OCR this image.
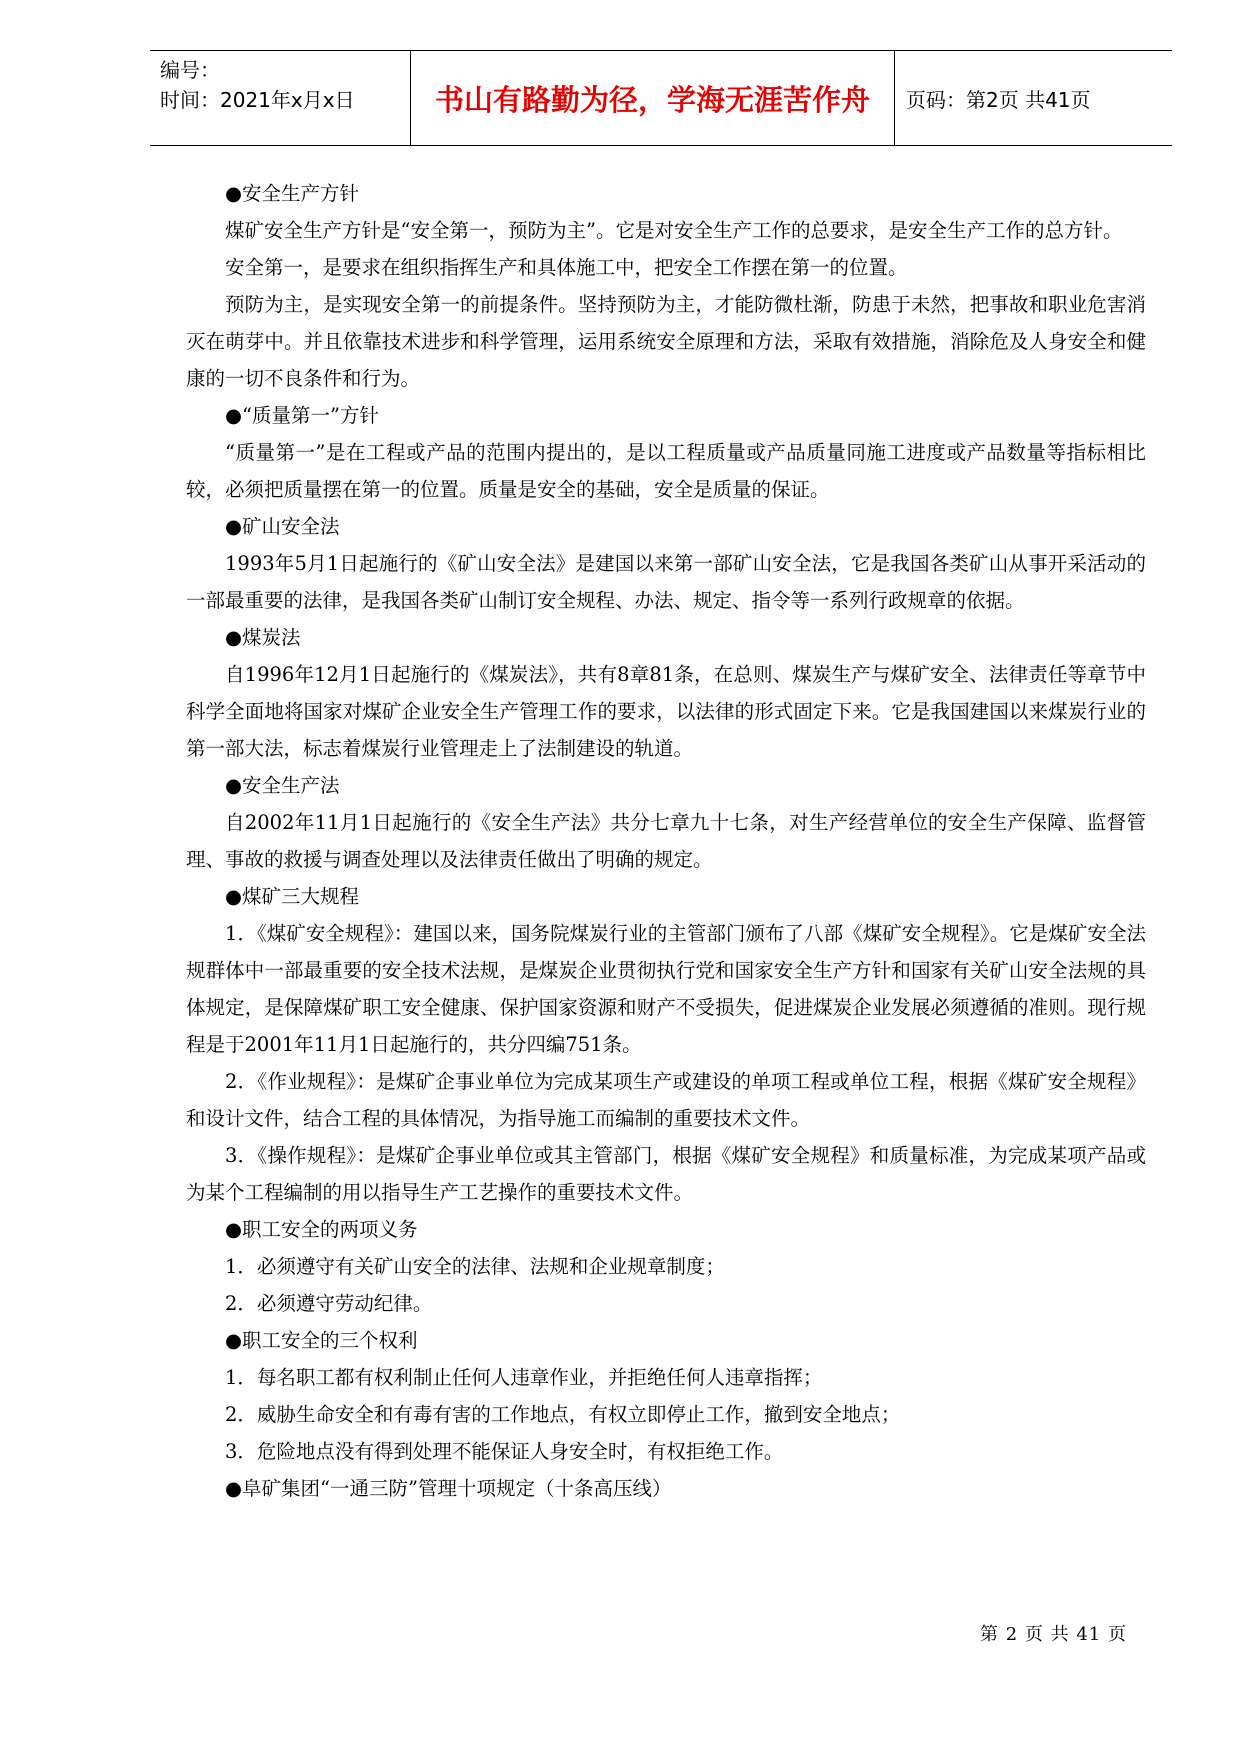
编号：
时间：2021年x月x日	书山有路勤为径，学海无涯苦作舟	页码：第2页 共41页

●安全生产方针

煤矿安全生产方针是“安全第一，预防为主”。它是对安全生产工作的总要求，是安全生产工作的总方针。

安全第一，是要求在组织指挥生产和具体施工中，把安全工作摆在第一的位置。

预防为主，是实现安全第一的前提条件。坚持预防为主，才能防微杜渐，防患于未然，把事故和职业危害消灭在萌芽中。并且依靠技术进步和科学管理，运用系统安全原理和方法，采取有效措施，消除危及人身安全和健康的一切不良条件和行为。

●“质量第一”方针

“质量第一”是在工程或产品的范围内提出的，是以工程质量或产品质量同施工进度或产品数量等指标相比较，必须把质量摆在第一的位置。质量是安全的基础，安全是质量的保证。

●矿山安全法

1993年5月1日起施行的《矿山安全法》是建国以来第一部矿山安全法，它是我国各类矿山从事开采活动的一部最重要的法律，是我国各类矿山制订安全规程、办法、规定、指令等一系列行政规章的依据。

●煤炭法

自1996年12月1日起施行的《煤炭法》，共有8章81条，在总则、煤炭生产与煤矿安全、法律责任等章节中科学全面地将国家对煤矿企业安全生产管理工作的要求，以法律的形式固定下来。它是我国建国以来煤炭行业的第一部大法，标志着煤炭行业管理走上了法制建设的轨道。

●安全生产法

自2002年11月1日起施行的《安全生产法》共分七章九十七条，对生产经营单位的安全生产保障、监督管理、事故的救援与调查处理以及法律责任做出了明确的规定。

●煤矿三大规程

1．《煤矿安全规程》：建国以来，国务院煤炭行业的主管部门颁布了八部《煤矿安全规程》。它是煤矿安全法规群体中一部最重要的安全技术法规，是煤炭企业贯彻执行党和国家安全生产方针和国家有关矿山安全法规的具体规定，是保障煤矿职工安全健康、保护国家资源和财产不受损失，促进煤炭企业发展必须遵循的准则。现行规程是于2001年11月1日起施行的，共分四编751条。

2．《作业规程》：是煤矿企事业单位为完成某项生产或建设的单项工程或单位工程，根据《煤矿安全规程》和设计文件，结合工程的具体情况，为指导施工而编制的重要技术文件。

3．《操作规程》：是煤矿企事业单位或其主管部门，根据《煤矿安全规程》和质量标准，为完成某项产品或为某个工程编制的用以指导生产工艺操作的重要技术文件。

●职工安全的两项义务

1．必须遵守有关矿山安全的法律、法规和企业规章制度；

2．必须遵守劳动纪律。

●职工安全的三个权利

1．每名职工都有权利制止任何人违章作业，并拒绝任何人违章指挥；

2．威胁生命安全和有毒有害的工作地点，有权立即停止工作，撤到安全地点；

3．危险地点没有得到处理不能保证人身安全时，有权拒绝工作。

●阜矿集团“一通三防”管理十项规定（十条高压线）

第 2 页 共 41 页
